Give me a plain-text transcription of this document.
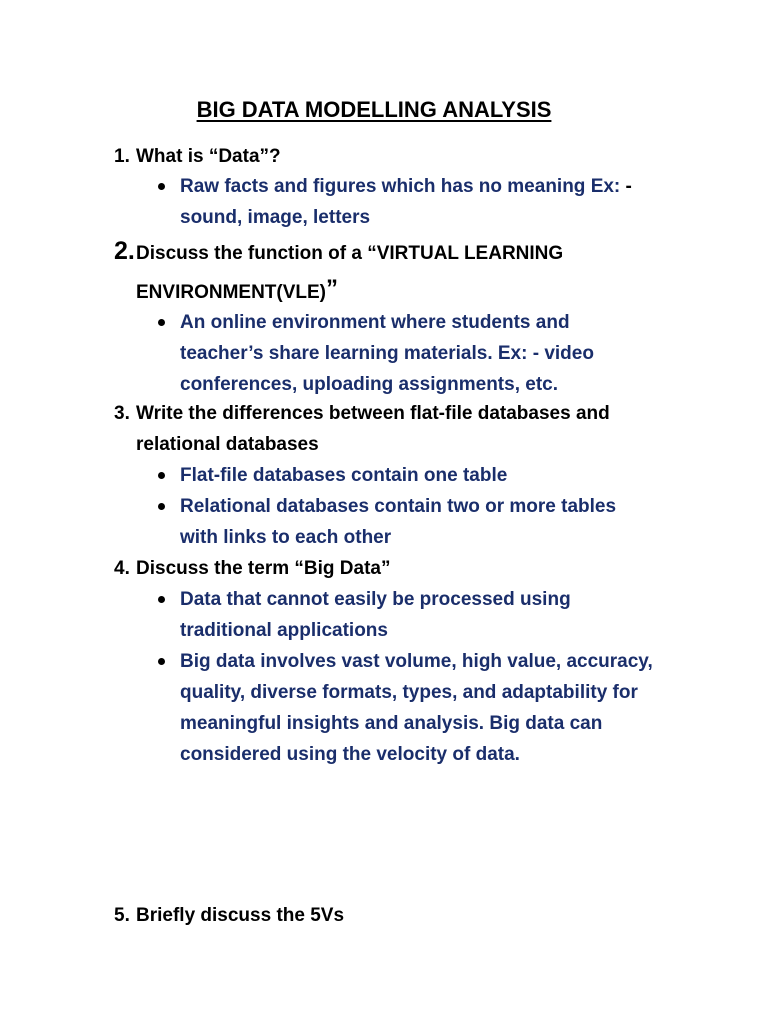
BIG DATA MODELLING ANALYSIS
1. What is “Data”?
Raw facts and figures which has no meaning Ex: -
sound, image, letters
2.Discuss the function of a “VIRTUAL LEARNING
ENVIRONMENT(VLE)”
An online environment where students and
teacher’s share learning materials. Ex: - video
conferences, uploading assignments, etc.
3. Write the differences between flat-file databases and
relational databases
Flat-file databases contain one table
Relational databases contain two or more tables
with links to each other
4. Discuss the term “Big Data”
Data that cannot easily be processed using
traditional applications
Big data involves vast volume, high value, accuracy,
quality, diverse formats, types, and adaptability for
meaningful insights and analysis. Big data can
considered using the velocity of data.
5. Briefly discuss the 5Vs
